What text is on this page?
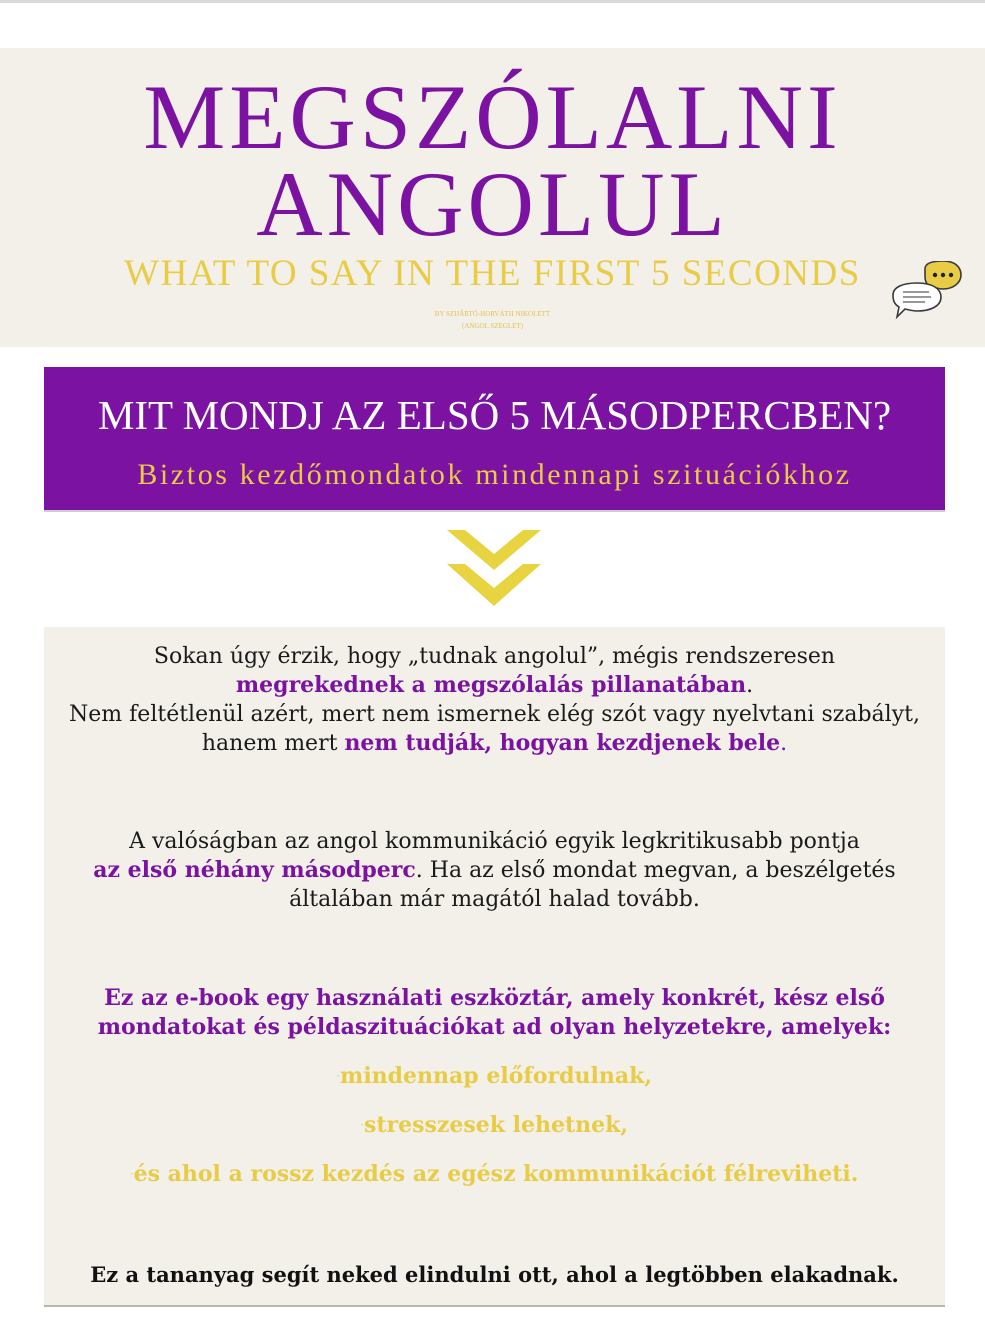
MEGSZÓLALNI
ANGOLUL
WHAT TO SAY IN THE FIRST 5 SECONDS
BY SZIJÁRTÓ-HORVÁTH NIKOLETT
(ANGOL SZEGLET)
MIT MONDJ AZ ELSŐ 5 MÁSODPERCBEN?
Biztos kezdőmondatok mindennapi szituációkhoz
Sokan úgy érzik, hogy „tudnak angolul”, mégis rendszeresen
megrekednek a megszólalás pillanatában.
Nem feltétlenül azért, mert nem ismernek elég szót vagy nyelvtani szabályt, hanem mert nem tudják, hogyan kezdjenek bele.
A valóságban az angol kommunikáció egyik legkritikusabb pontja
az első néhány másodperc. Ha az első mondat megvan, a beszélgetés általában már magától halad tovább.
Ez az e-book egy használati eszköztár, amely konkrét, kész első mondatokat és példaszituációkat ad olyan helyzetekre, amelyek:
-mindennap előfordulnak,
-stresszesek lehetnek,
-és ahol a rossz kezdés az egész kommunikációt félreviheti.
Ez a tananyag segít neked elindulni ott, ahol a legtöbben elakadnak.
